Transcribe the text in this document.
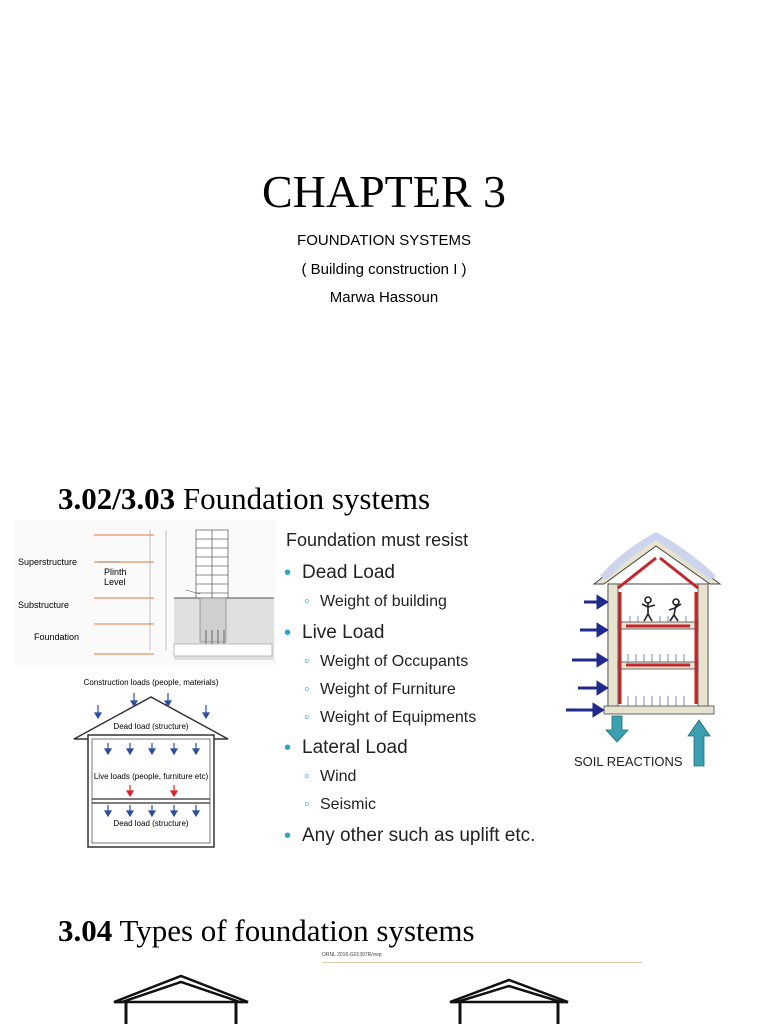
CHAPTER 3
FOUNDATION SYSTEMS
( Building construction I )
Marwa Hassoun
3.02/3.03 Foundation systems
Superstructure
Plinth
Level
Substructure
Foundation
Construction loads (people, materials)
Dead load (structure)
Live loads (people, furniture etc)
Dead load (structure)
Foundation must resist
• Dead Load
◦ Weight of building
• Live Load
◦ Weight of Occupants
◦ Weight of Furniture
◦ Weight of Equipments
• Lateral Load
◦ Wind
◦ Seismic
• Any other such as uplift etc.
SOIL REACTIONS
3.04 Types of foundation systems
ORNL 2016-G01397R/vwp
